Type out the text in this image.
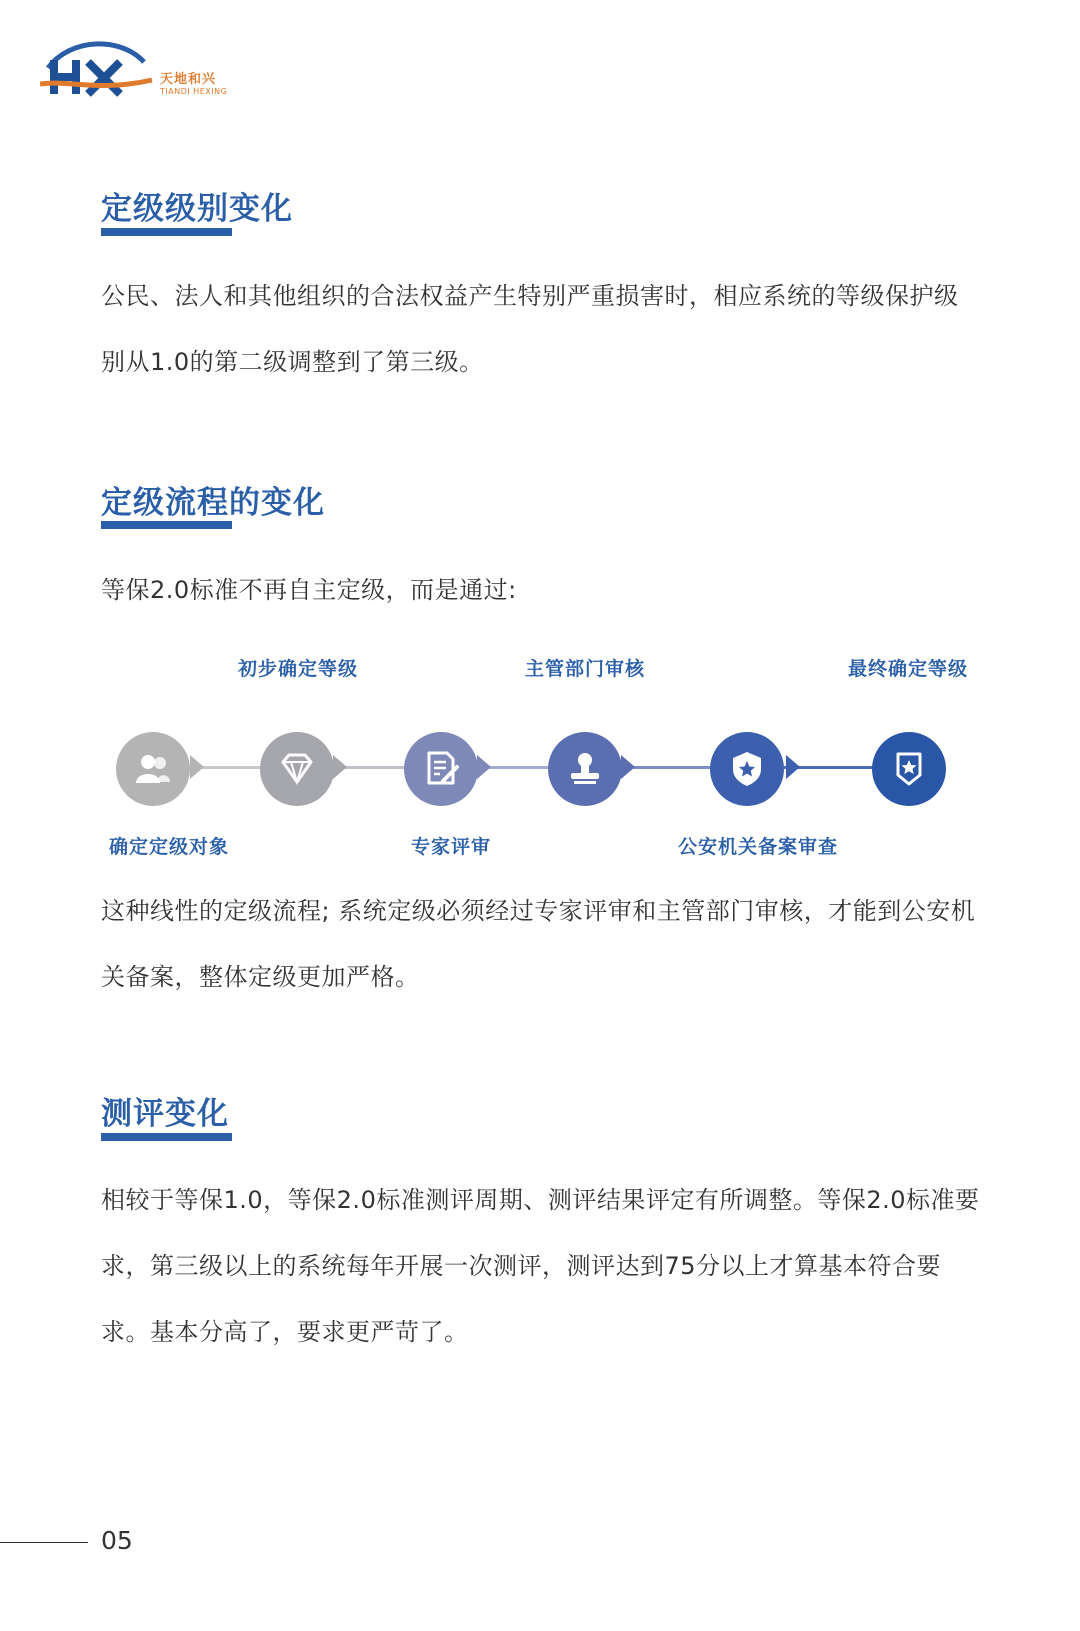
天地和兴
TIANDI HEXING
定级级别变化

公民、法人和其他组织的合法权益产生特别严重损害时，相应系统的等级保护级别从1.0的第二级调整到了第三级。

定级流程的变化

等保2.0标准不再自主定级，而是通过:

初步确定等级	主管部门审核	最终确定等级
确定定级对象	专家评审	公安机关备案审查

这种线性的定级流程; 系统定级必须经过专家评审和主管部门审核，才能到公安机关备案，整体定级更加严格。

测评变化

相较于等保1.0，等保2.0标准测评周期、测评结果评定有所调整。等保2.0标准要求，第三级以上的系统每年开展一次测评，测评达到75分以上才算基本符合要求。基本分高了，要求更严苛了。

05
